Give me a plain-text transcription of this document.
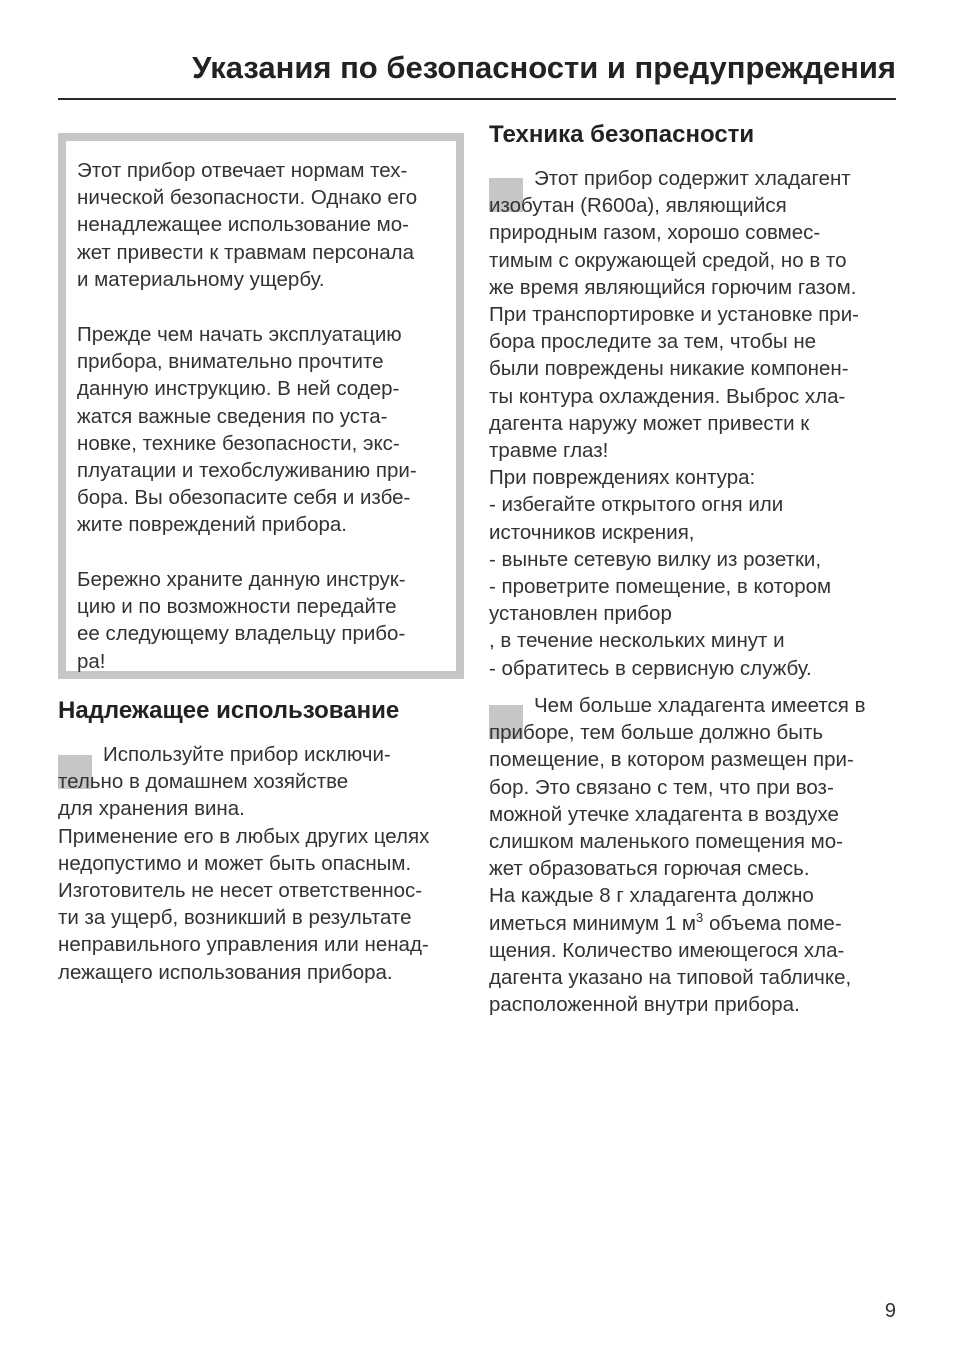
Указания по безопасности и предупреждения

Этот прибор отвечает нормам тех-
нической безопасности. Однако его
ненадлежащее использование мо-
жет привести к травмам персонала
и материальному ущербу.

Прежде чем начать эксплуатацию
прибора, внимательно прочтите
данную инструкцию. В ней содер-
жатся важные сведения по уста-
новке, технике безопасности, экс-
плуатации и техобслуживанию при-
бора. Вы обезопасите себя и избе-
жите повреждений прибора.

Бережно храните данную инструк-
цию и по возможности передайте
ее следующему владельцу прибо-
ра!

Надлежащее использование

Используйте прибор исключи-
тельно в домашнем хозяйстве
для хранения вина.
Применение его в любых других целях
недопустимо и может быть опасным.
Изготовитель не несет ответственнос-
ти за ущерб, возникший в результате
неправильного управления или ненад-
лежащего использования прибора.

Техника безопасности

Этот прибор содержит хладагент
изобутан (R600a), являющийся
природным газом, хорошо совмес-
тимым с окружающей средой, но в то
же время являющийся горючим газом.
При транспортировке и установке при-
бора проследите за тем, чтобы не
были повреждены никакие компонен-
ты контура охлаждения. Выброс хла-
дагента наружу может привести к
травме глаз!
При повреждениях контура:
- избегайте открытого огня или
источников искрения,
- выньте сетевую вилку из розетки,
- проветрите помещение, в котором
установлен прибор
, в течение нескольких минут и
- обратитесь в сервисную службу.

Чем больше хладагента имеется в
приборе, тем больше должно быть
помещение, в котором размещен при-
бор. Это связано с тем, что при воз-
можной утечке хладагента в воздухе
слишком маленького помещения мо-
жет образоваться горючая смесь.
На каждые 8 г хладагента должно
иметься минимум 1 $м^3$ объема поме-
щения. Количество имеющегося хла-
дагента указано на типовой табличке,
расположенной внутри прибора.

9
